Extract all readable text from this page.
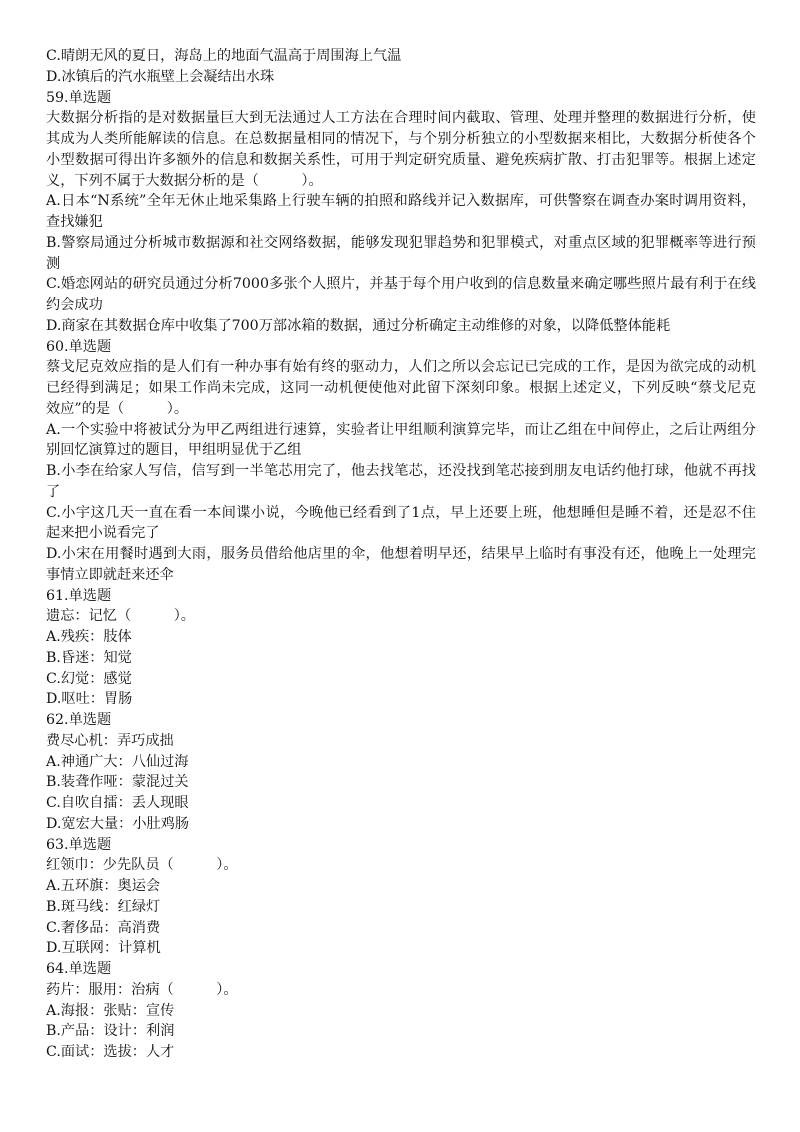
C.晴朗无风的夏日，海岛上的地面气温高于周围海上气温
D.冰镇后的汽水瓶壁上会凝结出水珠
59.单选题
大数据分析指的是对数据量巨大到无法通过人工方法在合理时间内截取、管理、处理并整理的数据进行分析，使
其成为人类所能解读的信息。在总数据量相同的情况下，与个别分析独立的小型数据来相比，大数据分析使各个
小型数据可得出许多额外的信息和数据关系性，可用于判定研究质量、避免疾病扩散、打击犯罪等。根据上述定
义，下列不属于大数据分析的是（　　　）。
A.日本“N系统”全年无休止地采集路上行驶车辆的拍照和路线并记入数据库，可供警察在调查办案时调用资料，
查找嫌犯
B.警察局通过分析城市数据源和社交网络数据，能够发现犯罪趋势和犯罪模式，对重点区域的犯罪概率等进行预
测
C.婚恋网站的研究员通过分析7000多张个人照片，并基于每个用户收到的信息数量来确定哪些照片最有利于在线
约会成功
D.商家在其数据仓库中收集了700万部冰箱的数据，通过分析确定主动维修的对象，以降低整体能耗
60.单选题
蔡戈尼克效应指的是人们有一种办事有始有终的驱动力，人们之所以会忘记已完成的工作，是因为欲完成的动机
已经得到满足；如果工作尚未完成，这同一动机便使他对此留下深刻印象。根据上述定义，下列反映“蔡戈尼克
效应”的是（　　　）。
A.一个实验中将被试分为甲乙两组进行速算，实验者让甲组顺利演算完毕，而让乙组在中间停止，之后让两组分
别回忆演算过的题目，甲组明显优于乙组
B.小李在给家人写信，信写到一半笔芯用完了，他去找笔芯，还没找到笔芯接到朋友电话约他打球，他就不再找
了
C.小宇这几天一直在看一本间谍小说，今晚他已经看到了1点，早上还要上班，他想睡但是睡不着，还是忍不住
起来把小说看完了
D.小宋在用餐时遇到大雨，服务员借给他店里的伞，他想着明早还，结果早上临时有事没有还，他晚上一处理完
事情立即就赶来还伞
61.单选题
遗忘：记忆（　　　）。
A.残疾：肢体
B.昏迷：知觉
C.幻觉：感觉
D.呕吐：胃肠
62.单选题
费尽心机：弄巧成拙
A.神通广大：八仙过海
B.装聋作哑：蒙混过关
C.自吹自擂：丢人现眼
D.宽宏大量：小肚鸡肠
63.单选题
红领巾：少先队员（　　　）。
A.五环旗：奥运会
B.斑马线：红绿灯
C.奢侈品：高消费
D.互联网：计算机
64.单选题
药片：服用：治病（　　　）。
A.海报：张贴：宣传
B.产品：设计：利润
C.面试：选拔：人才
